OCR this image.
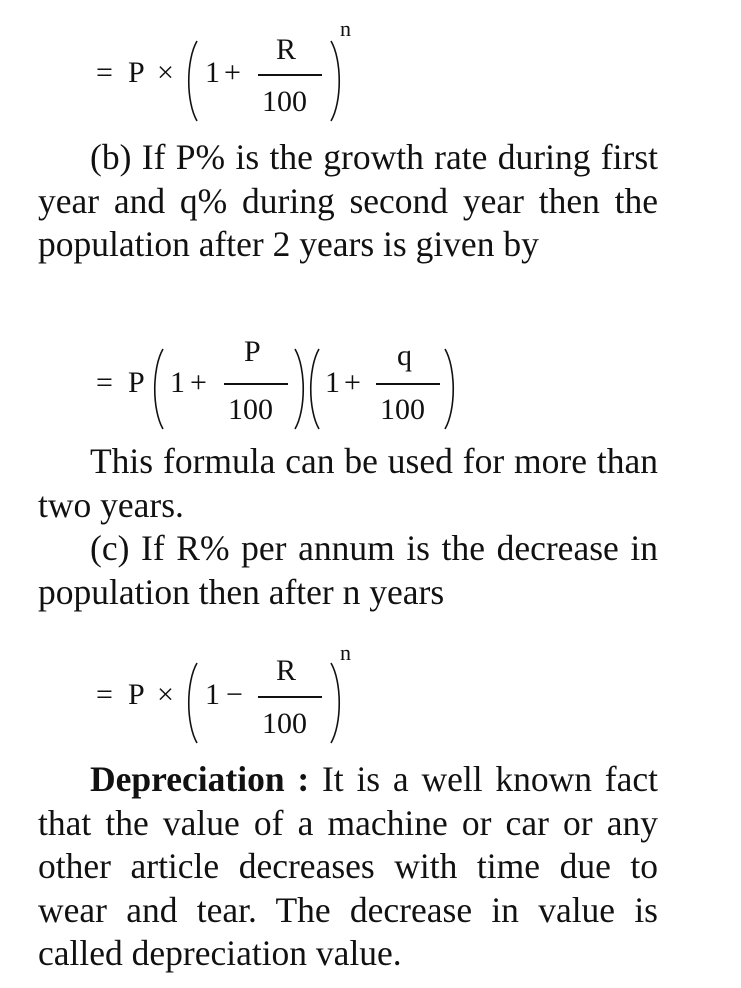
= P × 1 +
R
100
n

(b) If P% is the growth rate during first year and q% during second year then the population after 2 years is given by

= P 1 +
P
100
1 +
q
100

This formula can be used for more than two years.

(c) If R% per annum is the decrease in population then after n years

= P × 1 −
R
100
n

Depreciation : It is a well known fact that the value of a machine or car or any other article decreases with time due to wear and tear. The decrease in value is called depreciation value.
